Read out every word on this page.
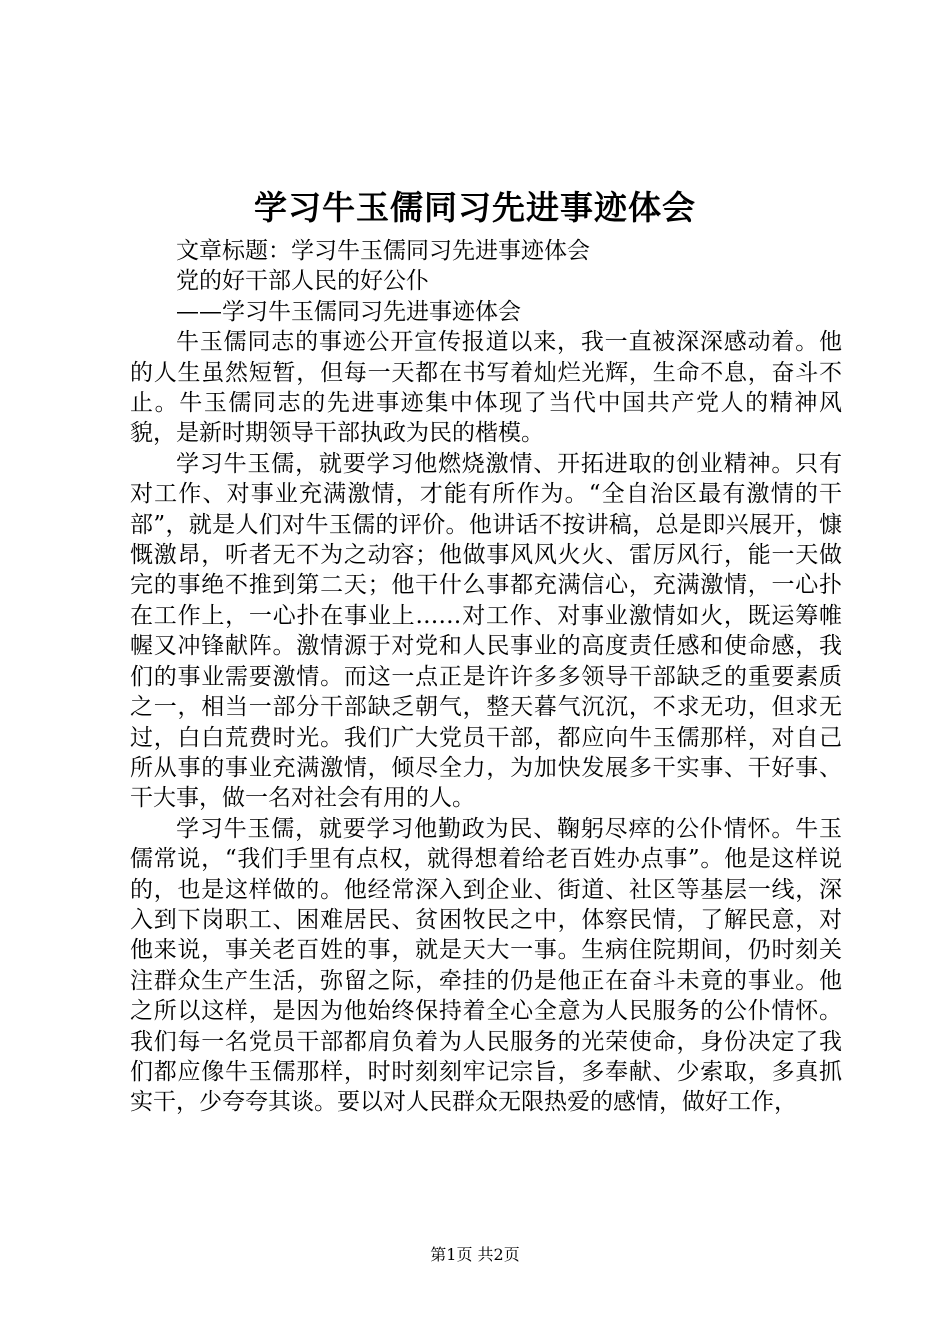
学习牛玉儒同习先进事迹体会

文章标题：学习牛玉儒同习先进事迹体会

党的好干部人民的好公仆

——学习牛玉儒同习先进事迹体会

牛玉儒同志的事迹公开宣传报道以来，我一直被深深感动着。他的人生虽然短暂，但每一天都在书写着灿烂光辉，生命不息，奋斗不止。牛玉儒同志的先进事迹集中体现了当代中国共产党人的精神风貌，是新时期领导干部执政为民的楷模。

学习牛玉儒，就要学习他燃烧激情、开拓进取的创业精神。只有对工作、对事业充满激情，才能有所作为。“全自治区最有激情的干部”，就是人们对牛玉儒的评价。他讲话不按讲稿，总是即兴展开，慷慨激昂，听者无不为之动容；他做事风风火火、雷厉风行，能一天做完的事绝不推到第二天；他干什么事都充满信心，充满激情，一心扑在工作上，一心扑在事业上……对工作、对事业激情如火，既运筹帷幄又冲锋献阵。激情源于对党和人民事业的高度责任感和使命感，我们的事业需要激情。而这一点正是许许多多领导干部缺乏的重要素质之一，相当一部分干部缺乏朝气，整天暮气沉沉，不求无功，但求无过，白白荒费时光。我们广大党员干部，都应向牛玉儒那样，对自己所从事的事业充满激情，倾尽全力，为加快发展多干实事、干好事、干大事，做一名对社会有用的人。

学习牛玉儒，就要学习他勤政为民、鞠躬尽瘁的公仆情怀。牛玉儒常说，“我们手里有点权，就得想着给老百姓办点事”。他是这样说的，也是这样做的。他经常深入到企业、街道、社区等基层一线，深入到下岗职工、困难居民、贫困牧民之中，体察民情，了解民意，对他来说，事关老百姓的事，就是天大一事。生病住院期间，仍时刻关注群众生产生活，弥留之际，牵挂的仍是他正在奋斗未竟的事业。他之所以这样，是因为他始终保持着全心全意为人民服务的公仆情怀。我们每一名党员干部都肩负着为人民服务的光荣使命，身份决定了我们都应像牛玉儒那样，时时刻刻牢记宗旨，多奉献、少索取，多真抓实干，少夸夸其谈。要以对人民群众无限热爱的感情，做好工作，

第1页 共2页
